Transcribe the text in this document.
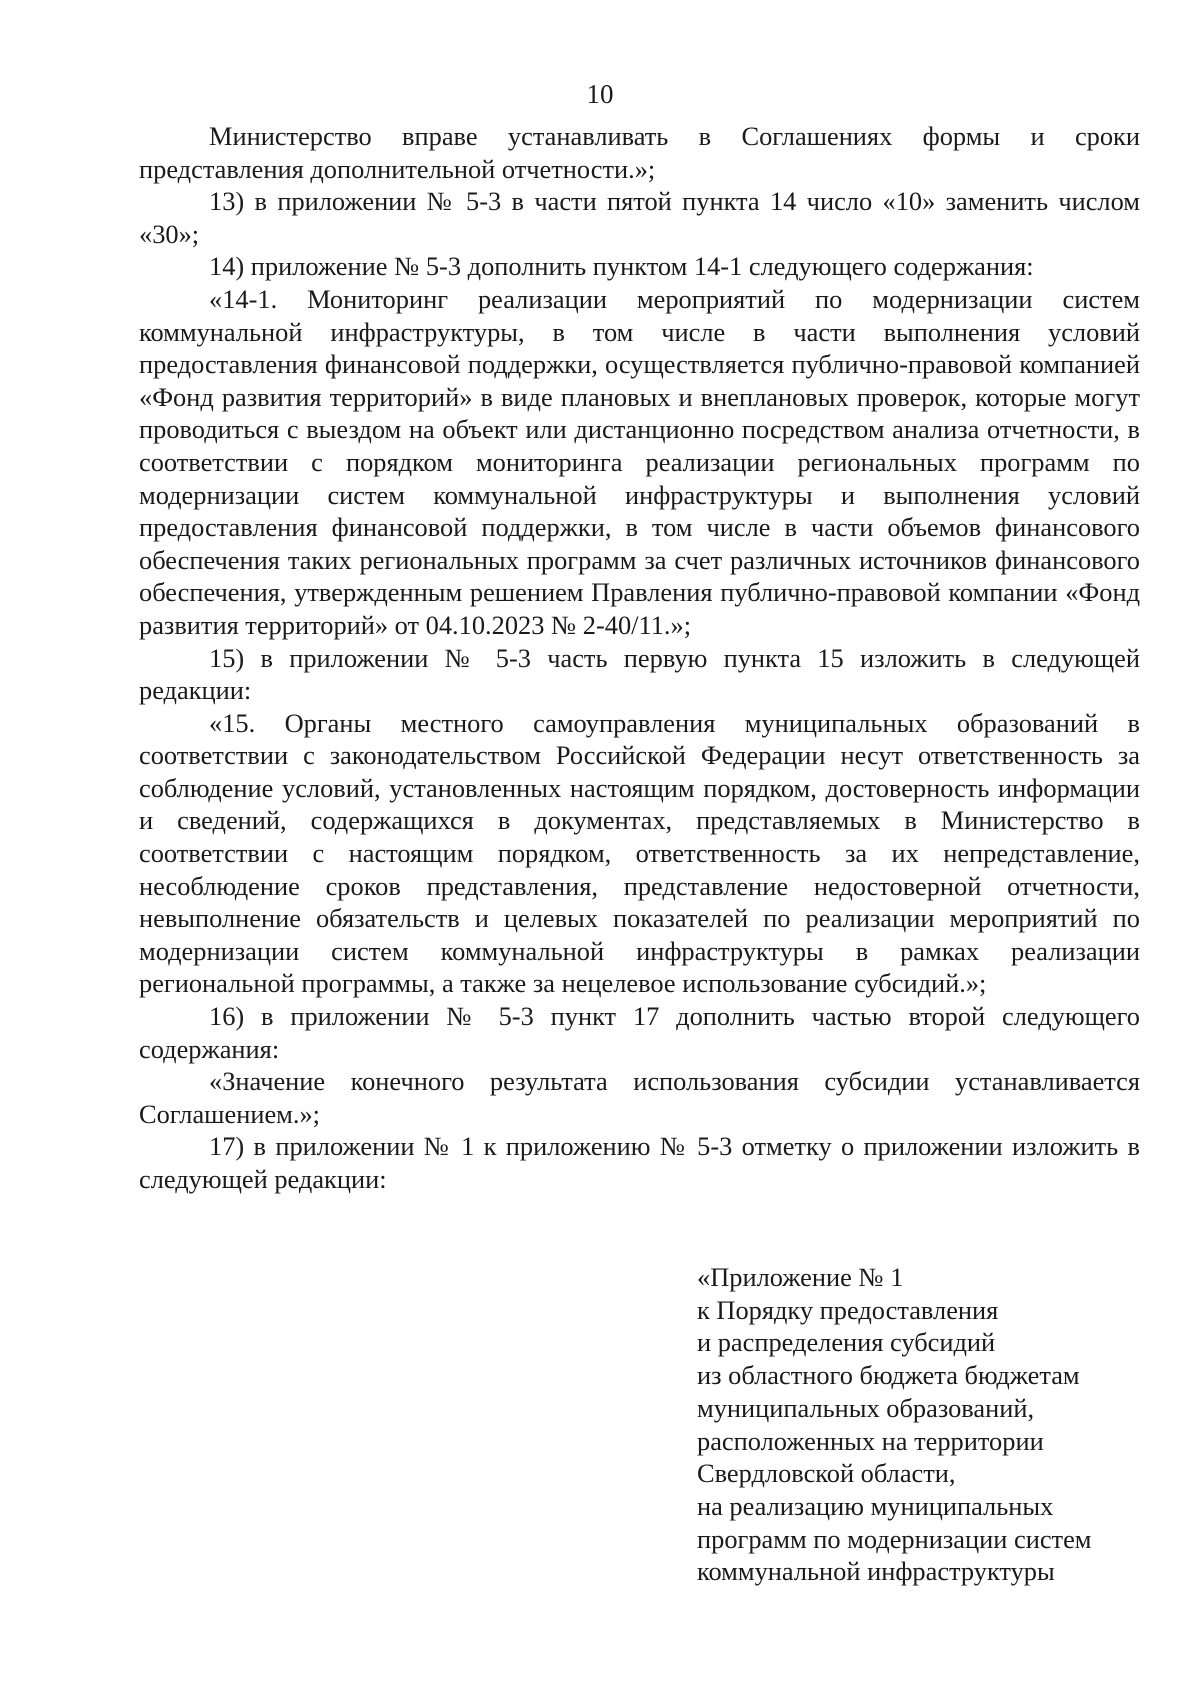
10

Министерство вправе устанавливать в Соглашениях формы и сроки представления дополнительной отчетности.»;

13) в приложении № 5-3 в части пятой пункта 14 число «10» заменить числом «30»;

14) приложение № 5-3 дополнить пунктом 14-1 следующего содержания:

«14-1. Мониторинг реализации мероприятий по модернизации систем коммунальной инфраструктуры, в том числе в части выполнения условий предоставления финансовой поддержки, осуществляется публично-правовой компанией «Фонд развития территорий» в виде плановых и внеплановых проверок, которые могут проводиться с выездом на объект или дистанционно посредством анализа отчетности, в соответствии с порядком мониторинга реализации региональных программ по модернизации систем коммунальной инфраструктуры и выполнения условий предоставления финансовой поддержки, в том числе в части объемов финансового обеспечения таких региональных программ за счет различных источников финансового обеспечения, утвержденным решением Правления публично-правовой компании «Фонд развития территорий» от 04.10.2023 № 2-40/11.»;

15) в приложении № 5-3 часть первую пункта 15 изложить в следующей редакции:

«15. Органы местного самоуправления муниципальных образований в соответствии с законодательством Российской Федерации несут ответственность за соблюдение условий, установленных настоящим порядком, достоверность информации и сведений, содержащихся в документах, представляемых в Министерство в соответствии с настоящим порядком, ответственность за их непредставление, несоблюдение сроков представления, представление недостоверной отчетности, невыполнение обязательств и целевых показателей по реализации мероприятий по модернизации систем коммунальной инфраструктуры в рамках реализации региональной программы, а также за нецелевое использование субсидий.»;

16) в приложении № 5-3 пункт 17 дополнить частью второй следующего содержания:

«Значение конечного результата использования субсидии устанавливается Соглашением.»;

17) в приложении № 1 к приложению № 5-3 отметку о приложении изложить в следующей редакции:

«Приложение № 1
к Порядку предоставления
и распределения субсидий
из областного бюджета бюджетам
муниципальных образований,
расположенных на территории
Свердловской области,
на реализацию муниципальных
программ по модернизации систем
коммунальной инфраструктуры
